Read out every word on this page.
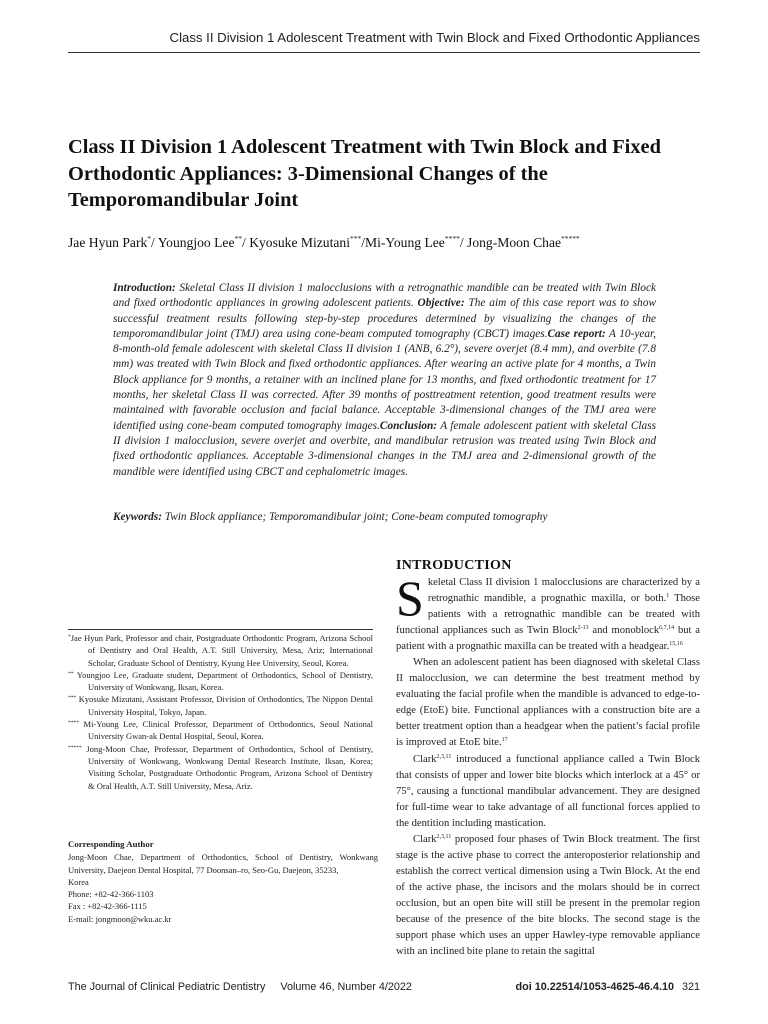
Class II Division 1 Adolescent Treatment with Twin Block and Fixed Orthodontic Appliances
Class II Division 1 Adolescent Treatment with Twin Block and Fixed Orthodontic Appliances: 3-Dimensional Changes of the Temporomandibular Joint
Jae Hyun Park*/ Youngjoo Lee**/ Kyosuke Mizutani***/Mi-Young Lee****/ Jong-Moon Chae*****

Introduction: Skeletal Class II division 1 malocclusions with a retrognathic mandible can be treated with Twin Block and fixed orthodontic appliances in growing adolescent patients. Objective: The aim of this case report was to show successful treatment results following step-by-step procedures determined by visualizing the changes of the temporomandibular joint (TMJ) area using cone-beam computed tomography (CBCT) images.Case report: A 10-year, 8-month-old female adolescent with skeletal Class II division 1 (ANB, 6.2°), severe overjet (8.4 mm), and overbite (7.8 mm) was treated with Twin Block and fixed orthodontic appliances. After wearing an active plate for 4 months, a Twin Block appliance for 9 months, a retainer with an inclined plane for 13 months, and fixed orthodontic treatment for 17 months, her skeletal Class II was corrected. After 39 months of posttreatment retention, good treatment results were maintained with favorable occlusion and facial balance. Acceptable 3-dimensional changes of the TMJ area were identified using cone-beam computed tomography images.Conclusion: A female adolescent patient with skeletal Class II division 1 malocclusion, severe overjet and overbite, and mandibular retrusion was treated using Twin Block and fixed orthodontic appliances. Acceptable 3-dimensional changes in the TMJ area and 2-dimensional growth of the mandible were identified using CBCT and cephalometric images.

Keywords: Twin Block appliance; Temporomandibular joint; Cone-beam computed tomography
INTRODUCTION

Skeletal Class II division 1 malocclusions are characterized by a retrognathic mandible, a prognathic maxilla, or both.$^1$ Those patients with a retrognathic mandible can be treated with functional appliances such as Twin Block$^{2-13}$ and monoblock$^{6,7,14}$ but a patient with a prognathic maxilla can be treated with a headgear.$^{15,16}$

When an adolescent patient has been diagnosed with skeletal Class II malocclusion, we can determine the best treatment method by evaluating the facial profile when the mandible is advanced to edge-to-edge (EtoE) bite. Functional appliances with a construction bite are a better treatment option than a headgear when the patient’s facial profile is improved at EtoE bite.$^{17}$

Clark$^{2,3,11}$ introduced a functional appliance called a Twin Block that consists of upper and lower bite blocks which interlock at a 45° or 75°, causing a functional mandibular advancement. They are designed for full-time wear to take advantage of all functional forces applied to the dentition including mastication.

Clark$^{2,3,11}$ proposed four phases of Twin Block treatment. The first stage is the active phase to correct the anteroposterior relationship and establish the correct vertical dimension using a Twin Block. At the end of the active phase, the incisors and the molars should be in correct occlusion, but an open bite will still be present in the premolar region because of the presence of the bite blocks. The second stage is the support phase which uses an upper Hawley-type removable appliance with an inclined bite plane to retain the sagittal

*Jae Hyun Park, Professor and chair, Postgraduate Orthodontic Program, Arizona School of Dentistry and Oral Health, A.T. Still University, Mesa, Ariz; International Scholar, Graduate School of Dentistry, Kyung Hee University, Seoul, Korea.

** Youngjoo Lee, Graduate student, Department of Orthodontics, School of Dentistry, University of Wonkwang, Iksan, Korea.

*** Kyosuke Mizutani, Assistant Professor, Division of Orthodontics, The Nippon Dental University Hospital, Tokyo, Japan.

**** Mi-Young Lee, Clinical Professor, Department of Orthodontics, Seoul National University Gwan-ak Dental Hospital, Seoul, Korea.

***** Jong-Moon Chae, Professor, Department of Orthodontics, School of Dentistry, University of Wonkwang, Wonkwang Dental Research Institute, Iksan, Korea; Visiting Scholar, Postgraduate Orthodontic Program, Arizona School of Dentistry & Oral Health, A.T. Still University, Mesa, Ariz.

Corresponding Author
Jong-Moon Chae, Department of Orthodontics, School of Dentistry, Wonkwang University, Daejeon Dental Hospital, 77 Doonsan–ro, Seo-Gu, Daejeon, 35233,
Korea
Phone: +82-42-366-1103
Fax : +82-42-366-1115
E-mail: jongmoon@wku.ac.kr
The Journal of Clinical Pediatric Dentistry     Volume 46, Number 4/2022	doi 10.22514/1053-4625-46.4.10 321
